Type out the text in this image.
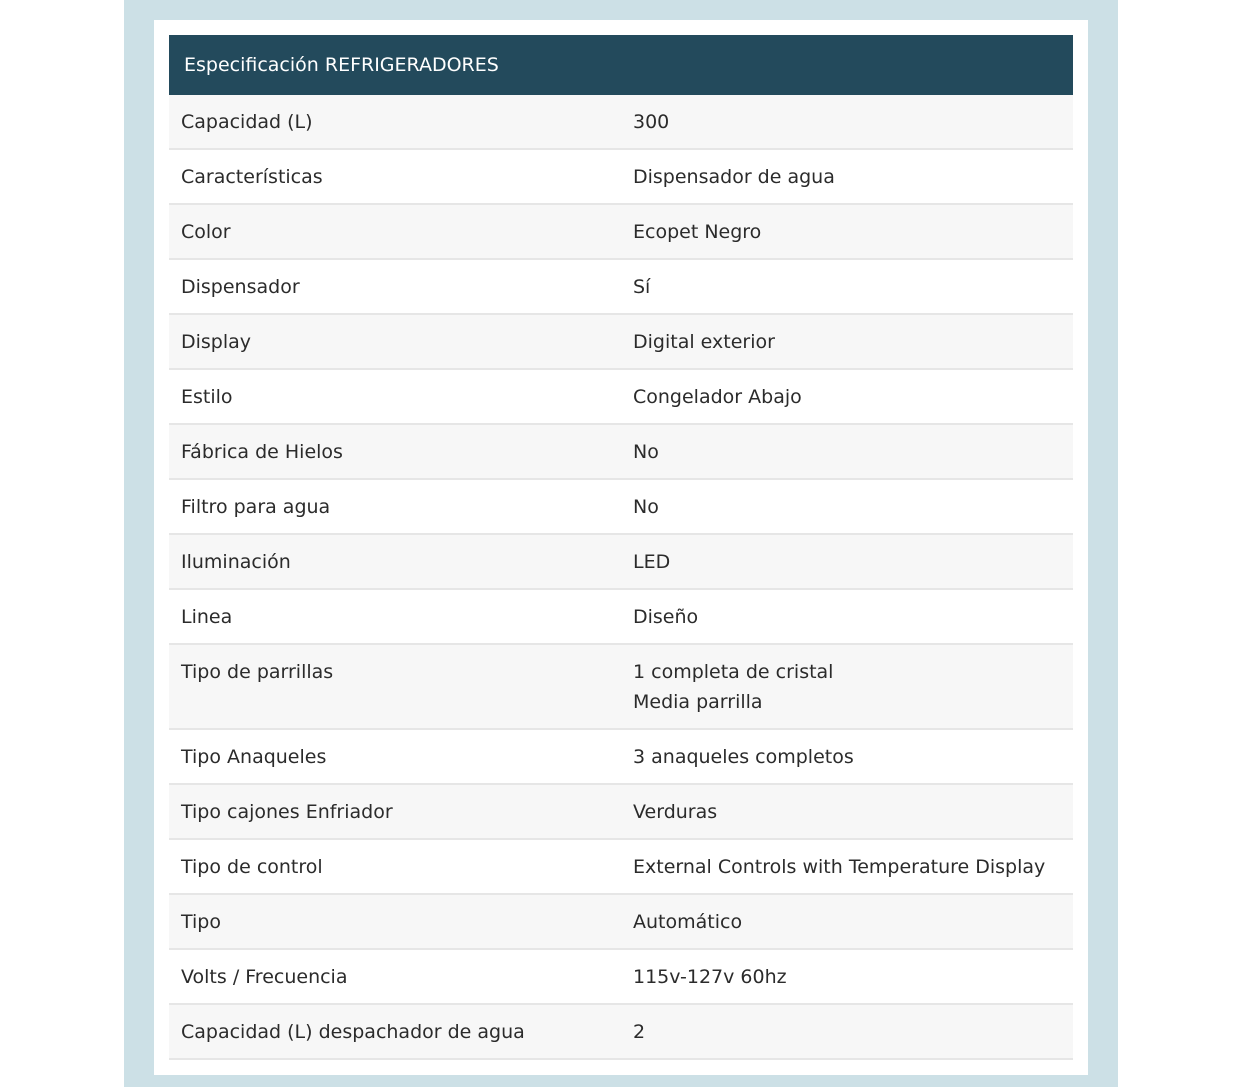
Especificación REFRIGERADORES
Capacidad (L)	300
Características	Dispensador de agua
Color	Ecopet Negro
Dispensador	Sí
Display	Digital exterior
Estilo	Congelador Abajo
Fábrica de Hielos	No
Filtro para agua	No
Iluminación	LED
Linea	Diseño
Tipo de parrillas	1 completa de cristal
Media parrilla
Tipo Anaqueles	3 anaqueles completos
Tipo cajones Enfriador	Verduras
Tipo de control	External Controls with Temperature Display
Tipo	Automático
Volts / Frecuencia	115v-127v 60hz
Capacidad (L) despachador de agua	2
